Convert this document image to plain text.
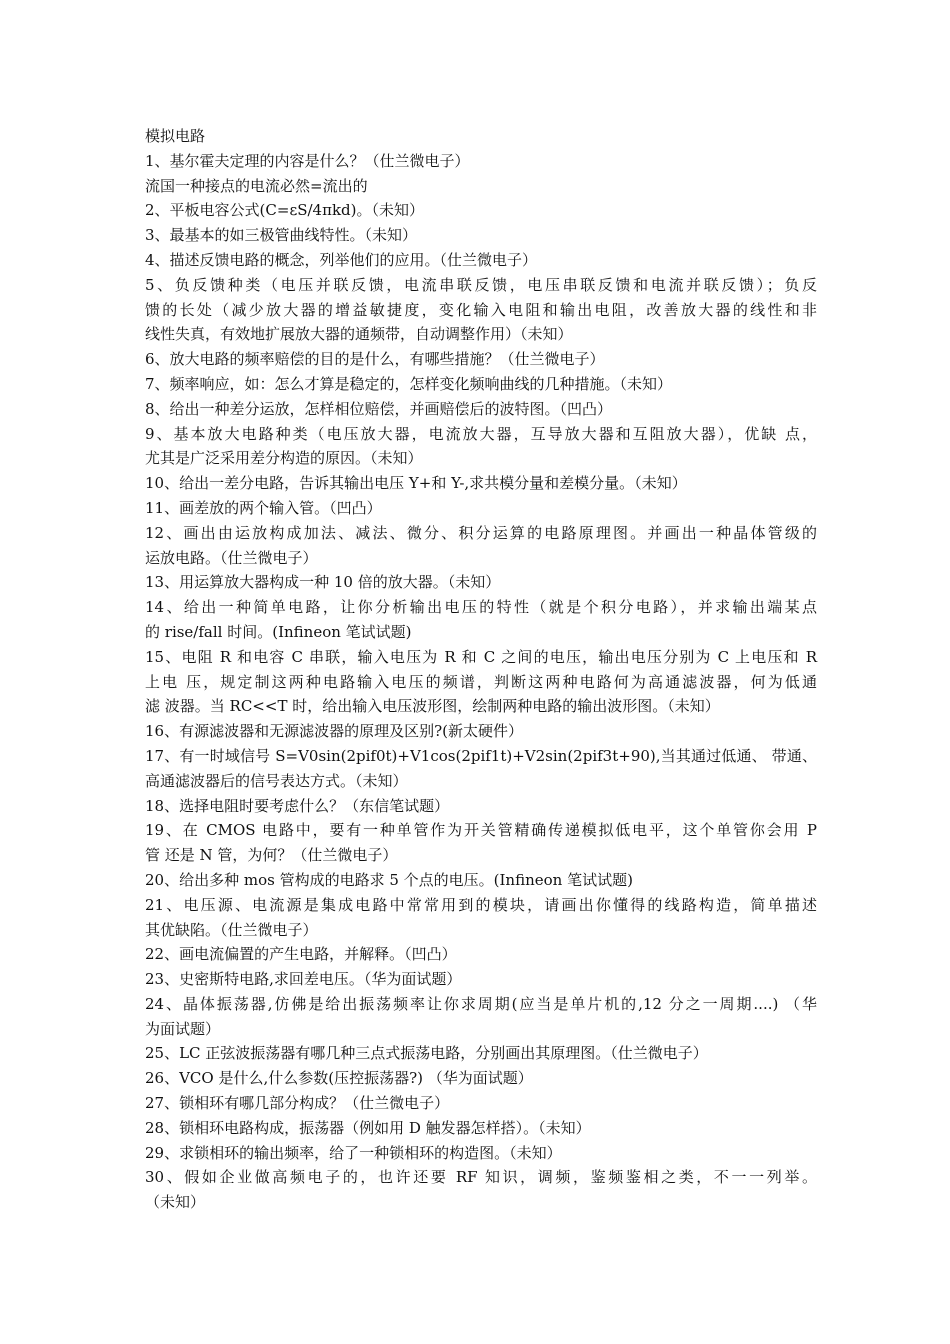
模拟电路
1、基尔霍夫定理的内容是什么？（仕兰微电子）
流国一种接点的电流必然=流出的
2、平板电容公式(C=εS/4πkd)。（未知）
3、最基本的如三极管曲线特性。（未知）
4、描述反馈电路的概念，列举他们的应用。（仕兰微电子）
5、负反馈种类（电压并联反馈，电流串联反馈，电压串联反馈和电流并联反馈）；负反
馈的长处（减少放大器的增益敏捷度，变化输入电阻和输出电阻，改善放大器的线性和非
线性失真，有效地扩展放大器的通频带，自动调整作用）（未知）
6、放大电路的频率赔偿的目的是什么，有哪些措施？（仕兰微电子）
7、频率响应，如：怎么才算是稳定的，怎样变化频响曲线的几种措施。（未知）
8、给出一种差分运放，怎样相位赔偿，并画赔偿后的波特图。（凹凸）
9、基本放大电路种类（电压放大器，电流放大器，互导放大器和互阻放大器），优缺 点，
尤其是广泛采用差分构造的原因。（未知）
10、给出一差分电路，告诉其输出电压 Y+和 Y-,求共模分量和差模分量。（未知）
11、画差放的两个输入管。（凹凸）
12、画出由运放构成加法、减法、微分、积分运算的电路原理图。并画出一种晶体管级的
运放电路。（仕兰微电子）
13、用运算放大器构成一种 10 倍的放大器。（未知）
14、给出一种简单电路，让你分析输出电压的特性（就是个积分电路），并求输出端某点
的 rise/fall 时间。(Infineon 笔试试题)
15、电阻 R 和电容 C 串联，输入电压为 R 和 C 之间的电压，输出电压分别为 C 上电压和 R
上电 压，规定制这两种电路输入电压的频谱，判断这两种电路何为高通滤波器，何为低通
滤 波器。当 RC<<T 时，给出输入电压波形图，绘制两种电路的输出波形图。（未知）
16、有源滤波器和无源滤波器的原理及区别?(新太硬件）
17、有一时域信号 S=V0sin(2pif0t)+V1cos(2pif1t)+V2sin(2pif3t+90),当其通过低通、 带通、
高通滤波器后的信号表达方式。（未知）
18、选择电阻时要考虑什么？（东信笔试题）
19、在 CMOS 电路中，要有一种单管作为开关管精确传递模拟低电平，这个单管你会用 P
管 还是 N 管，为何？（仕兰微电子）
20、给出多种 mos 管构成的电路求 5 个点的电压。(Infineon 笔试试题)
21、电压源、电流源是集成电路中常常用到的模块，请画出你懂得的线路构造，简单描述
其优缺陷。（仕兰微电子）
22、画电流偏置的产生电路，并解释。（凹凸）
23、史密斯特电路,求回差电压。（华为面试题）
24、晶体振荡器,仿佛是给出振荡频率让你求周期(应当是单片机的,12 分之一周期....) （华
为面试题）
25、LC 正弦波振荡器有哪几种三点式振荡电路，分别画出其原理图。（仕兰微电子）
26、VCO 是什么,什么参数(压控振荡器?) （华为面试题）
27、锁相环有哪几部分构成？（仕兰微电子）
28、锁相环电路构成，振荡器（例如用 D 触发器怎样搭）。（未知）
29、求锁相环的输出频率，给了一种锁相环的构造图。（未知）
30、假如企业做高频电子的，也许还要 RF 知识，调频，鉴频鉴相之类，不一一列举。
（未知）
